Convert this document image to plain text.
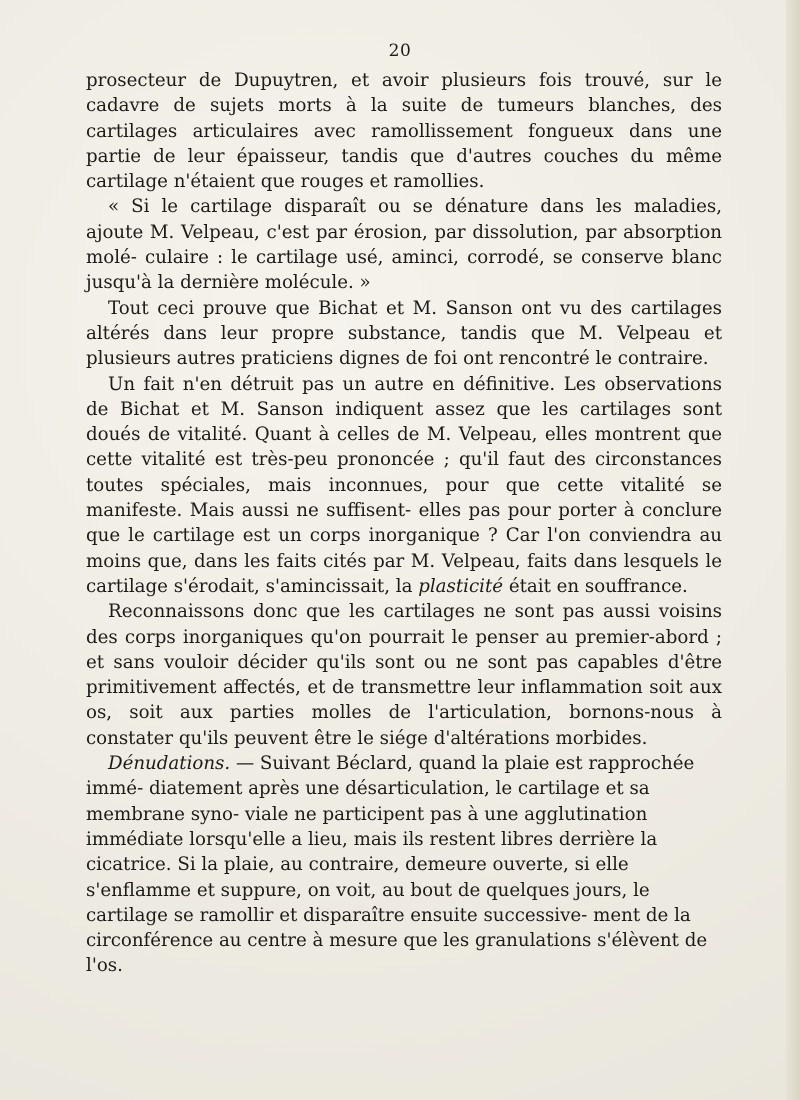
20

prosecteur de Dupuytren, et avoir plusieurs fois trouvé, sur le cadavre de sujets morts à la suite de tumeurs blanches, des cartilages articulaires avec ramollissement fongueux dans une partie de leur épaisseur, tandis que d'autres couches du même cartilage n'étaient que rouges et ramollies.

« Si le cartilage disparaît ou se dénature dans les maladies, ajoute M. Velpeau, c'est par érosion, par dissolution, par absorption molé- culaire : le cartilage usé, aminci, corrodé, se conserve blanc jusqu'à la dernière molécule. »

Tout ceci prouve que Bichat et M. Sanson ont vu des cartilages altérés dans leur propre substance, tandis que M. Velpeau et plusieurs autres praticiens dignes de foi ont rencontré le contraire.

Un fait n'en détruit pas un autre en définitive. Les observations de Bichat et M. Sanson indiquent assez que les cartilages sont doués de vitalité. Quant à celles de M. Velpeau, elles montrent que cette vitalité est très-peu prononcée ; qu'il faut des circonstances toutes spéciales, mais inconnues, pour que cette vitalité se manifeste. Mais aussi ne suffisent- elles pas pour porter à conclure que le cartilage est un corps inorganique ? Car l'on conviendra au moins que, dans les faits cités par M. Velpeau, faits dans lesquels le cartilage s'érodait, s'amincissait, la plasticité était en souffrance.

Reconnaissons donc que les cartilages ne sont pas aussi voisins des corps inorganiques qu'on pourrait le penser au premier-abord ; et sans vouloir décider qu'ils sont ou ne sont pas capables d'être primitivement affectés, et de transmettre leur inflammation soit aux os, soit aux parties molles de l'articulation, bornons-nous à constater qu'ils peuvent être le siége d'altérations morbides.

Dénudations. — Suivant Béclard, quand la plaie est rapprochée immé- diatement après une désarticulation, le cartilage et sa membrane syno- viale ne participent pas à une agglutination immédiate lorsqu'elle a lieu, mais ils restent libres derrière la cicatrice. Si la plaie, au contraire, demeure ouverte, si elle s'enflamme et suppure, on voit, au bout de quelques jours, le cartilage se ramollir et disparaître ensuite successive- ment de la circonférence au centre à mesure que les granulations s'élèvent de l'os.
